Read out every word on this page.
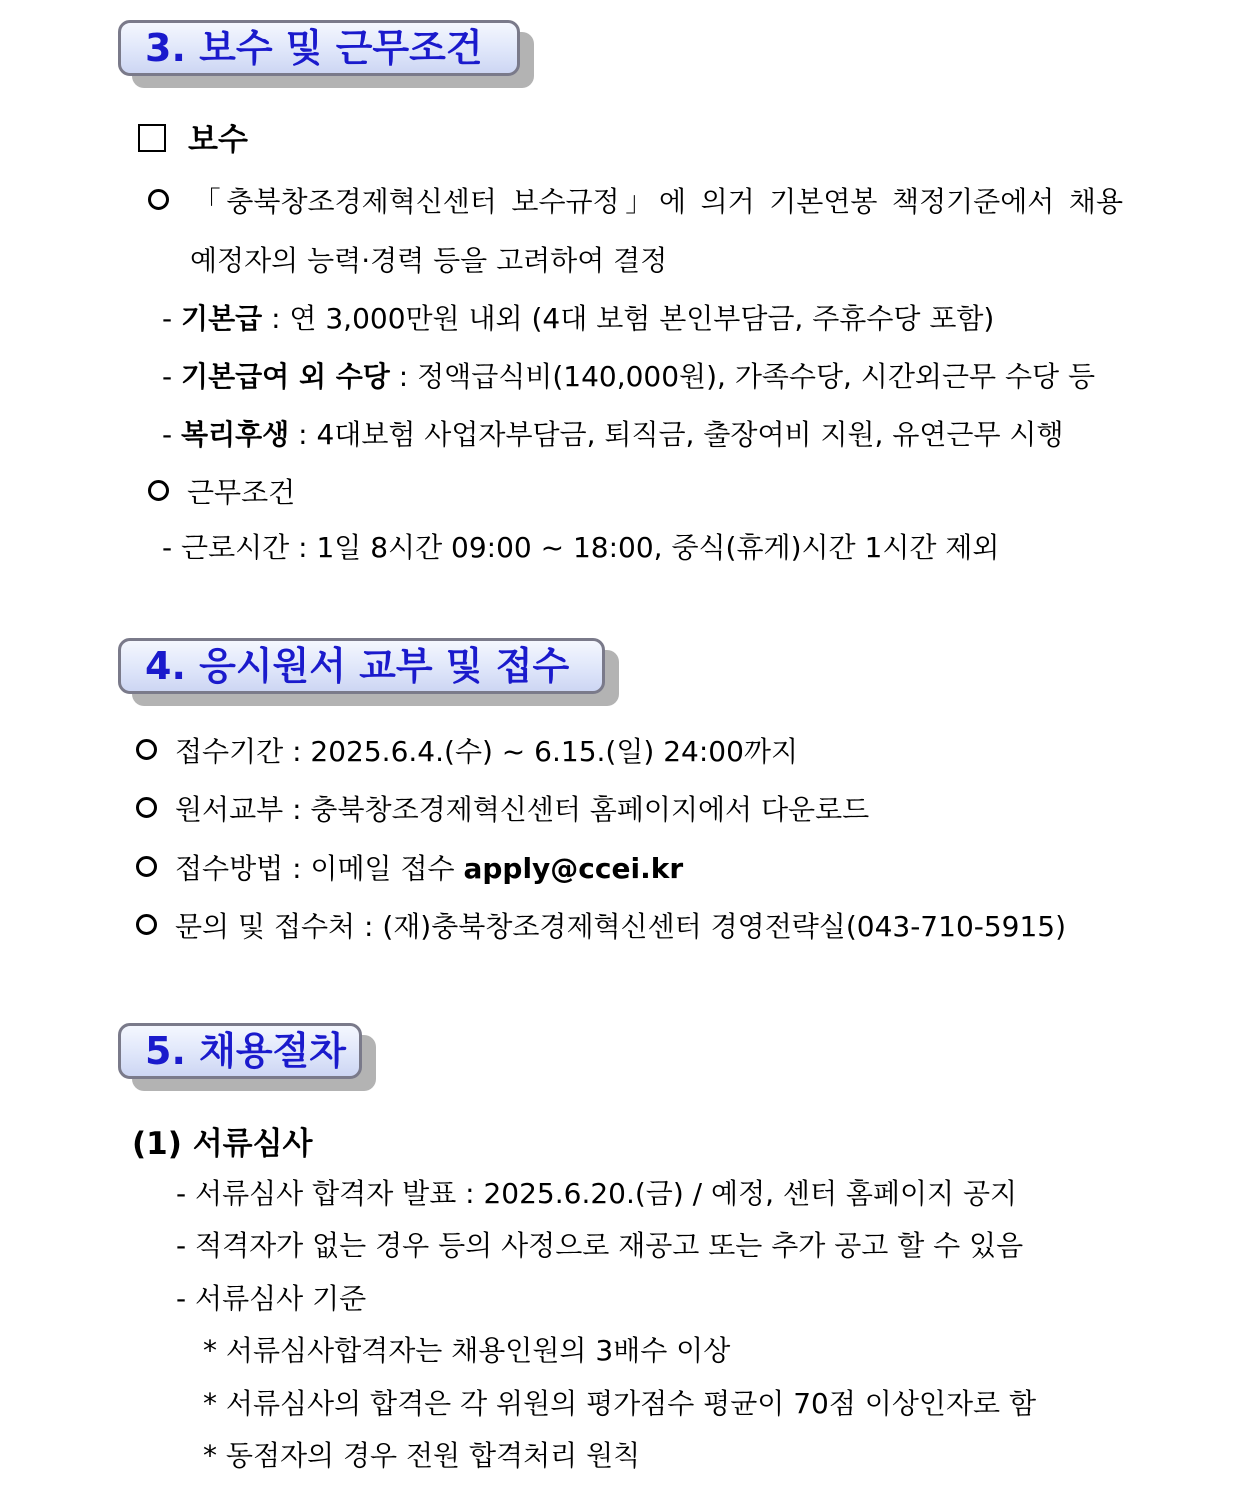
3. 보수 및 근무조건
보수
「충북창조경제혁신센터 보수규정」에 의거 기본연봉 책정기준에서 채용
예정자의 능력·경력 등을 고려하여 결정
- 기본급 : 연 3,000만원 내외 (4대 보험 본인부담금, 주휴수당 포함)
- 기본급여 외 수당 : 정액급식비(140,000원), 가족수당, 시간외근무 수당 등
- 복리후생 : 4대보험 사업자부담금, 퇴직금, 출장여비 지원, 유연근무 시행
근무조건
- 근로시간 : 1일 8시간 09:00 ~ 18:00, 중식(휴게)시간 1시간 제외
4. 응시원서 교부 및 접수
접수기간 : 2025.6.4.(수) ~ 6.15.(일) 24:00까지
원서교부 : 충북창조경제혁신센터 홈페이지에서 다운로드
접수방법 : 이메일 접수 apply@ccei.kr
문의 및 접수처 : (재)충북창조경제혁신센터 경영전략실(043-710-5915)
5. 채용절차
(1) 서류심사
- 서류심사 합격자 발표 : 2025.6.20.(금) / 예정, 센터 홈페이지 공지
- 적격자가 없는 경우 등의 사정으로 재공고 또는 추가 공고 할 수 있음
- 서류심사 기준
* 서류심사합격자는 채용인원의 3배수 이상
* 서류심사의 합격은 각 위원의 평가점수 평균이 70점 이상인자로 함
* 동점자의 경우 전원 합격처리 원칙
